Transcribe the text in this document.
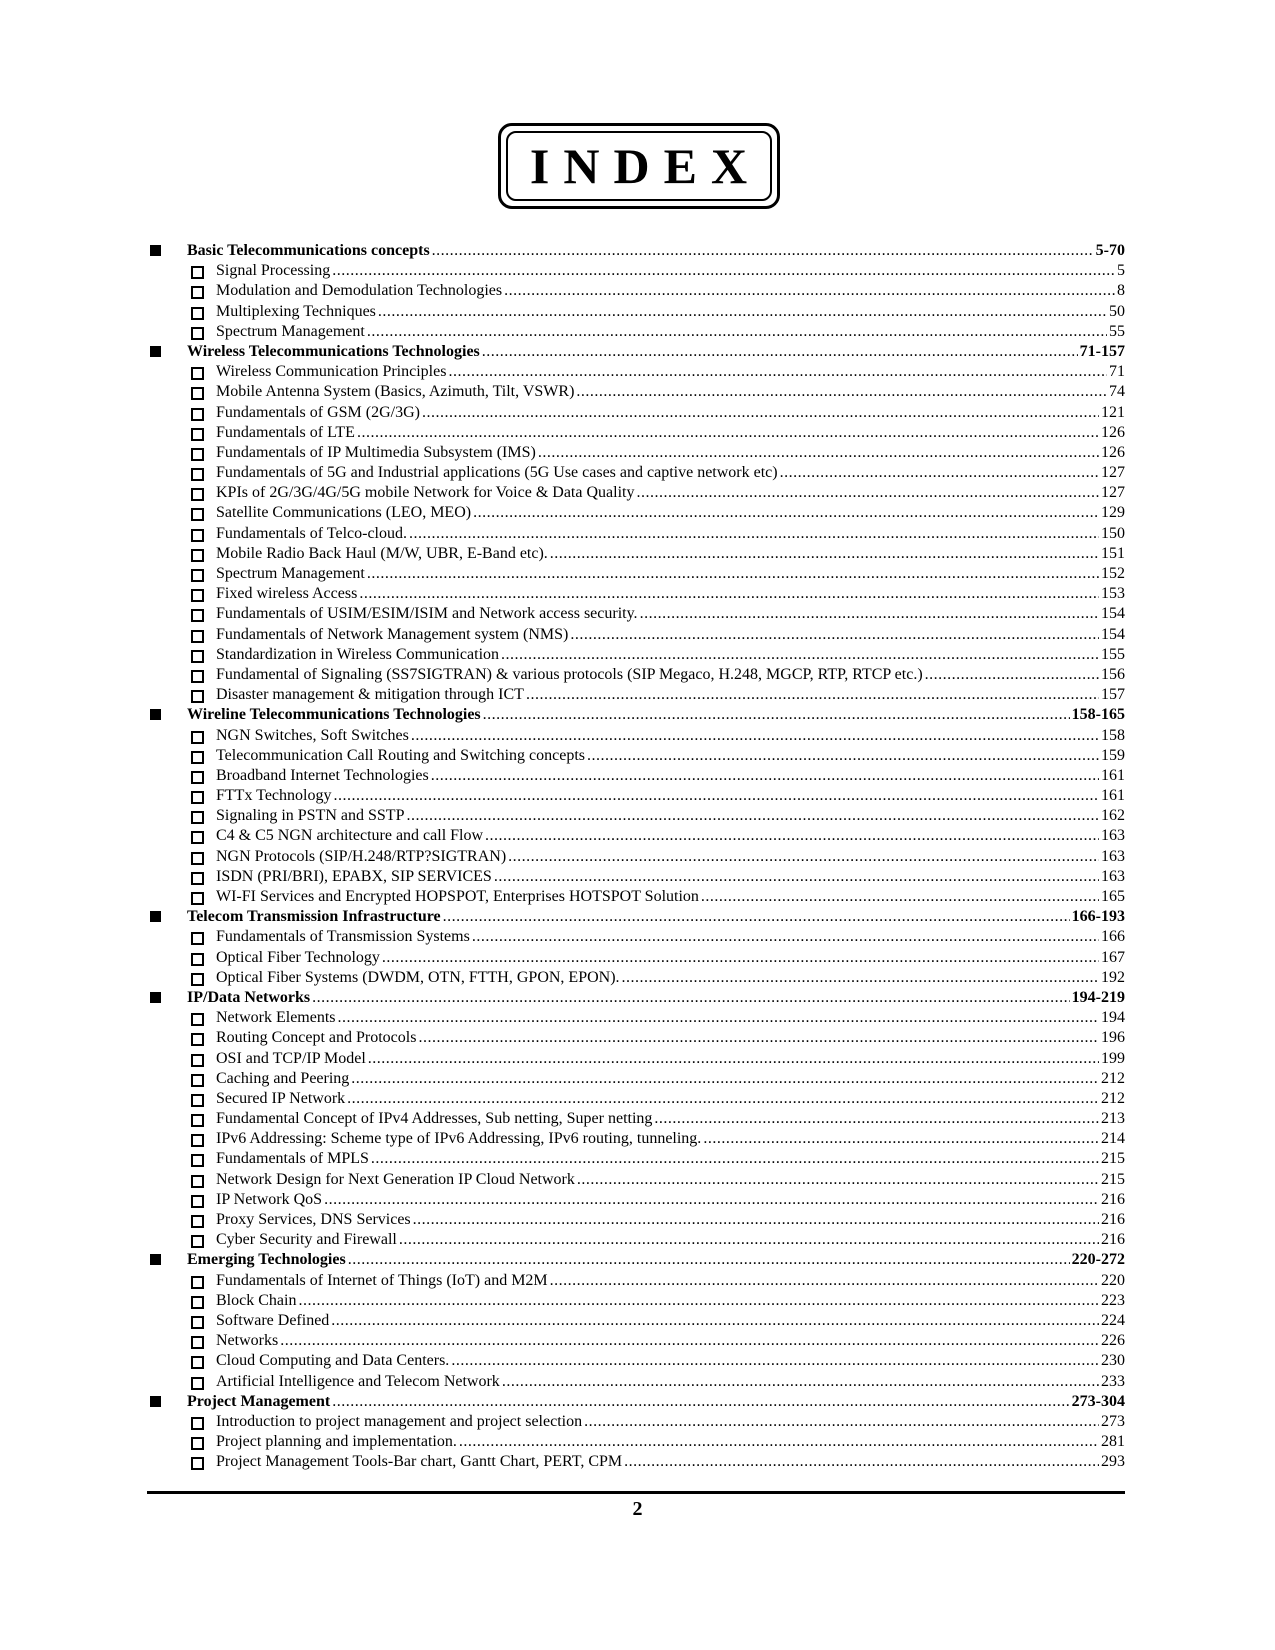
INDEX
Basic Telecommunications concepts .....	5-70
Signal Processing .....	5
Modulation and Demodulation Technologies .....	8
Multiplexing Techniques .....	50
Spectrum Management .....	55
Wireless Telecommunications Technologies .....	71-157
Wireless Communication Principles .....	71
Mobile Antenna System (Basics, Azimuth, Tilt, VSWR) .....	74
Fundamentals of GSM (2G/3G) .....	121
Fundamentals of LTE .....	126
Fundamentals of IP Multimedia Subsystem (IMS) .....	126
Fundamentals of 5G and Industrial applications (5G Use cases and captive network etc) .....	127
KPIs of 2G/3G/4G/5G mobile Network for Voice & Data Quality .....	127
Satellite Communications (LEO, MEO) .....	129
Fundamentals of Telco-cloud. .....	150
Mobile Radio Back Haul (M/W, UBR, E-Band etc). .....	151
Spectrum Management .....	152
Fixed wireless Access .....	153
Fundamentals of USIM/ESIM/ISIM and Network access security. .....	154
Fundamentals of Network Management system (NMS) .....	154
Standardization in Wireless Communication .....	155
Fundamental of Signaling (SS7SIGTRAN) & various protocols (SIP Megaco, H.248, MGCP, RTP, RTCP etc.) .....	156
Disaster management & mitigation through ICT .....	157
Wireline Telecommunications Technologies .....	158-165
NGN Switches, Soft Switches .....	158
Telecommunication Call Routing and Switching concepts .....	159
Broadband Internet Technologies .....	161
FTTx Technology .....	161
Signaling in PSTN and SSTP .....	162
C4 & C5 NGN architecture and call Flow .....	163
NGN Protocols (SIP/H.248/RTP?SIGTRAN) .....	163
ISDN (PRI/BRI), EPABX, SIP SERVICES .....	163
WI-FI Services and Encrypted HOPSPOT, Enterprises HOTSPOT Solution .....	165
Telecom Transmission Infrastructure .....	166-193
Fundamentals of Transmission Systems .....	166
Optical Fiber Technology .....	167
Optical Fiber Systems (DWDM, OTN, FTTH, GPON, EPON). .....	192
IP/Data Networks .....	194-219
Network Elements .....	194
Routing Concept and Protocols .....	196
OSI and TCP/IP Model .....	199
Caching and Peering .....	212
Secured IP Network .....	212
Fundamental Concept of IPv4 Addresses, Sub netting, Super netting .....	213
IPv6 Addressing: Scheme type of IPv6 Addressing, IPv6 routing, tunneling. .....	214
Fundamentals of MPLS .....	215
Network Design for Next Generation IP Cloud Network .....	215
IP Network QoS .....	216
Proxy Services, DNS Services .....	216
Cyber Security and Firewall .....	216
Emerging Technologies .....	220-272
Fundamentals of Internet of Things (IoT) and M2M .....	220
Block Chain .....	223
Software Defined .....	224
Networks .....	226
Cloud Computing and Data Centers. .....	230
Artificial Intelligence and Telecom Network .....	233
Project Management .....	273-304
Introduction to project management and project selection .....	273
Project planning and implementation. .....	281
Project Management Tools-Bar chart, Gantt Chart, PERT, CPM .....	293
2
